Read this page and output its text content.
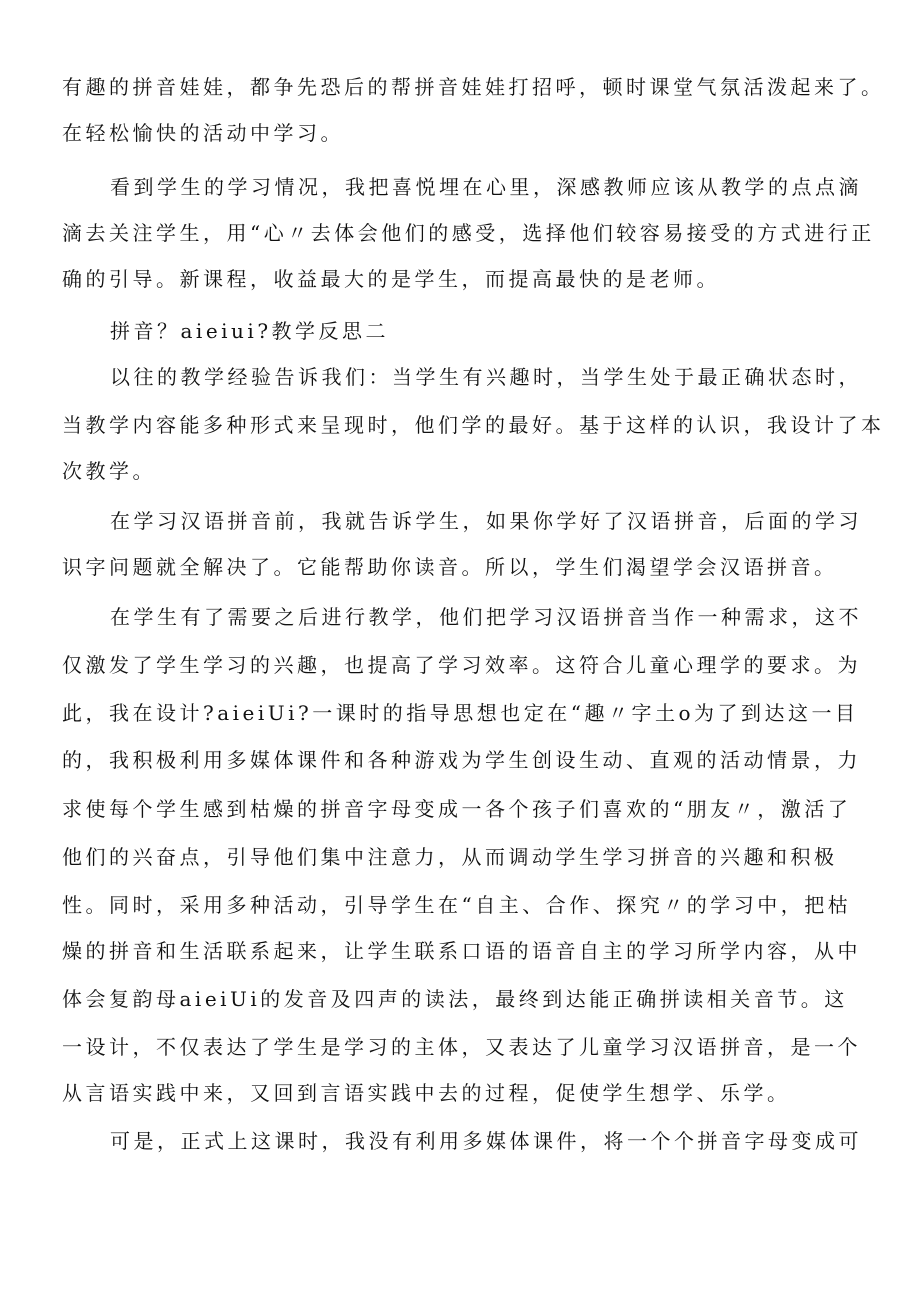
有趣的拼音娃娃，都争先恐后的帮拼音娃娃打招呼，顿时课堂气氛活泼起来了。
在轻松愉快的活动中学习。
看到学生的学习情况，我把喜悦埋在心里，深感教师应该从教学的点点滴
滴去关注学生，用“心〃去体会他们的感受，选择他们较容易接受的方式进行正
确的引导。新课程，收益最大的是学生，而提高最快的是老师。
拼音？aieiui?教学反思二
以往的教学经验告诉我们：当学生有兴趣时，当学生处于最正确状态时，
当教学内容能多种形式来呈现时，他们学的最好。基于这样的认识，我设计了本
次教学。
在学习汉语拼音前，我就告诉学生，如果你学好了汉语拼音，后面的学习
识字问题就全解决了。它能帮助你读音。所以，学生们渴望学会汉语拼音。
在学生有了需要之后进行教学，他们把学习汉语拼音当作一种需求，这不
仅激发了学生学习的兴趣，也提高了学习效率。这符合儿童心理学的要求。为
此，我在设计?aieiUi?一课时的指导思想也定在“趣〃字土o为了到达这一目
的，我积极利用多媒体课件和各种游戏为学生创设生动、直观的活动情景，力
求使每个学生感到枯燥的拼音字母变成一各个孩子们喜欢的“朋友〃，激活了
他们的兴奋点，引导他们集中注意力，从而调动学生学习拼音的兴趣和积极
性。同时，采用多种活动，引导学生在“自主、合作、探究〃的学习中，把枯
燥的拼音和生活联系起来，让学生联系口语的语音自主的学习所学内容，从中
体会复韵母aieiUi的发音及四声的读法，最终到达能正确拼读相关音节。这
一设计，不仅表达了学生是学习的主体，又表达了儿童学习汉语拼音，是一个
从言语实践中来，又回到言语实践中去的过程，促使学生想学、乐学。
可是，正式上这课时，我没有利用多媒体课件，将一个个拼音字母变成可
